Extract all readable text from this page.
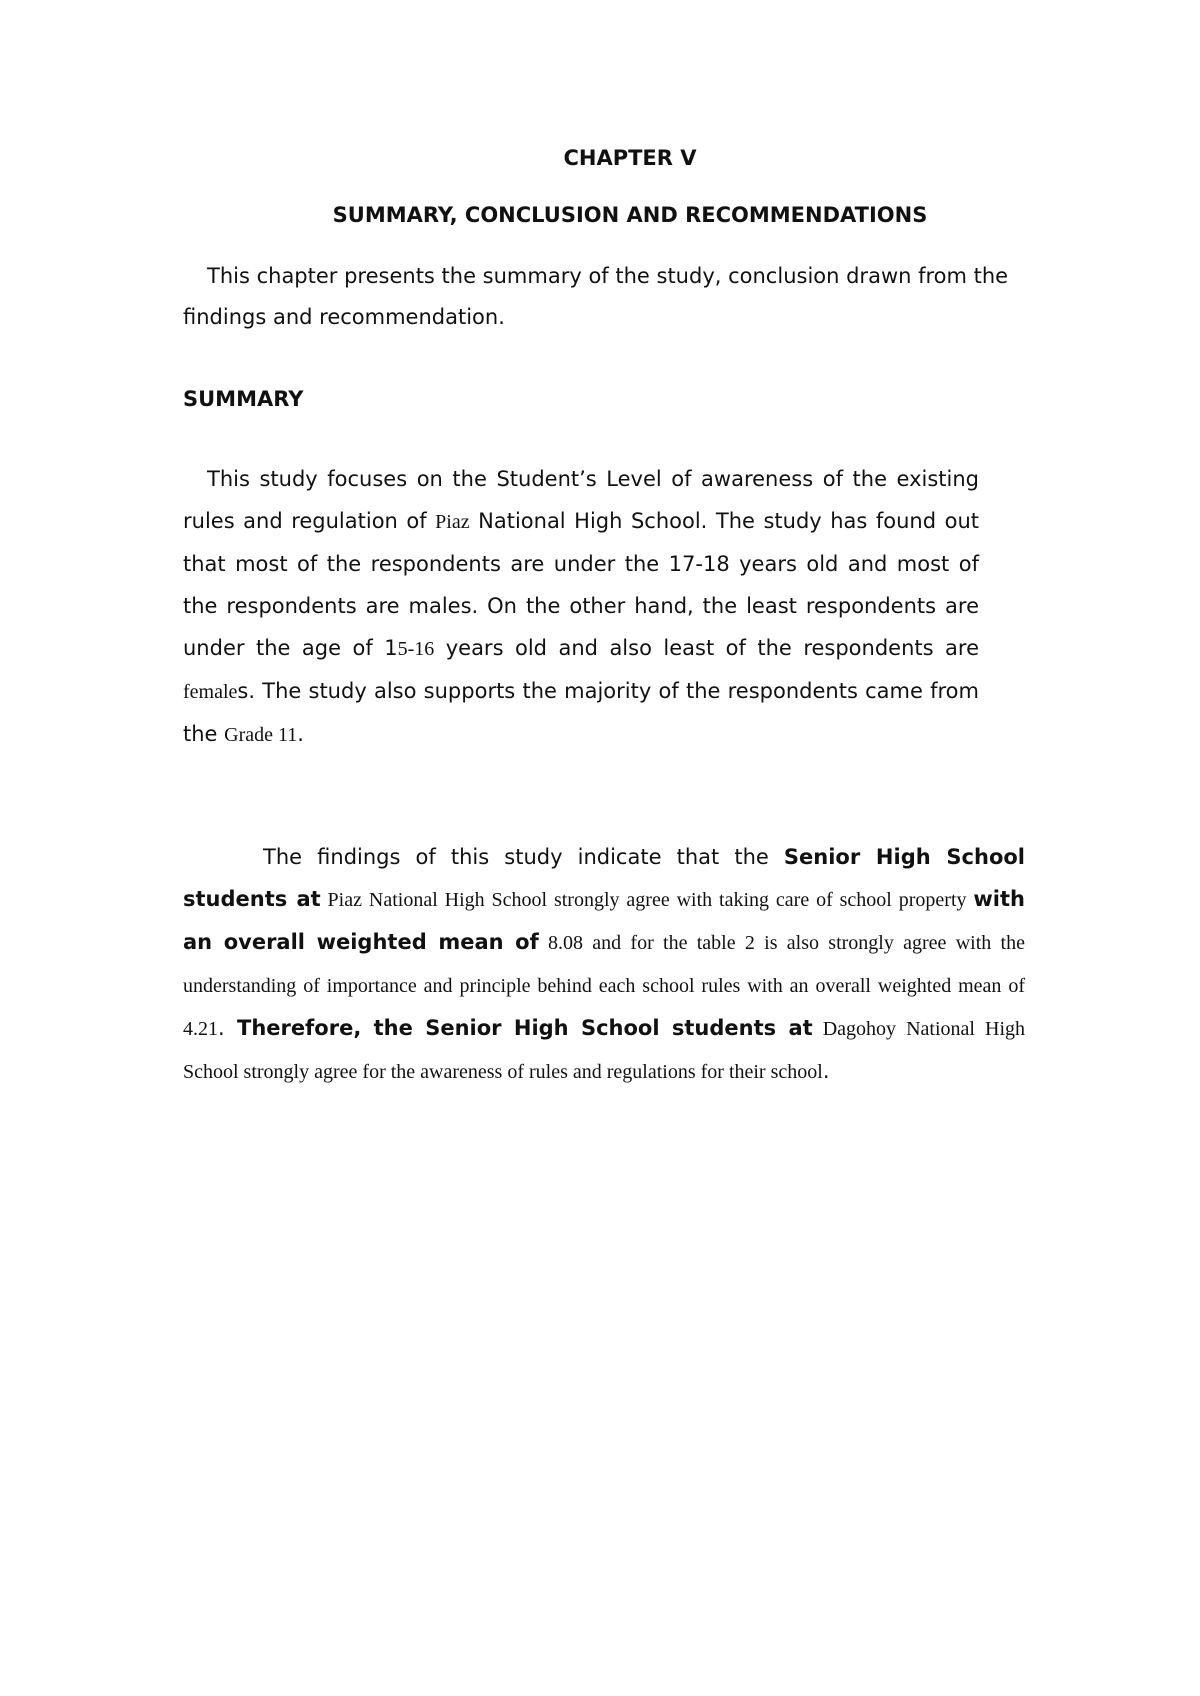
CHAPTER V
SUMMARY, CONCLUSION AND RECOMMENDATIONS

This chapter presents the summary of the study, conclusion drawn from the findings and recommendation.

SUMMARY

This study focuses on the Student’s Level of awareness of the existing rules and regulation of Piaz National High School. The study has found out that most of the respondents are under the 17-18 years old and most of the respondents are males. On the other hand, the least respondents are under the age of 15-16 years old and also least of the respondents are females. The study also supports the majority of the respondents came from the Grade 11.

The findings of this study indicate that the Senior High School students at Piaz National High School strongly agree with taking care of school property with an overall weighted mean of 8.08 and for the table 2 is also strongly agree with the understanding of importance and principle behind each school rules with an overall weighted mean of 4.21. Therefore, the Senior High School students at Dagohoy National High School strongly agree for the awareness of rules and regulations for their school.
